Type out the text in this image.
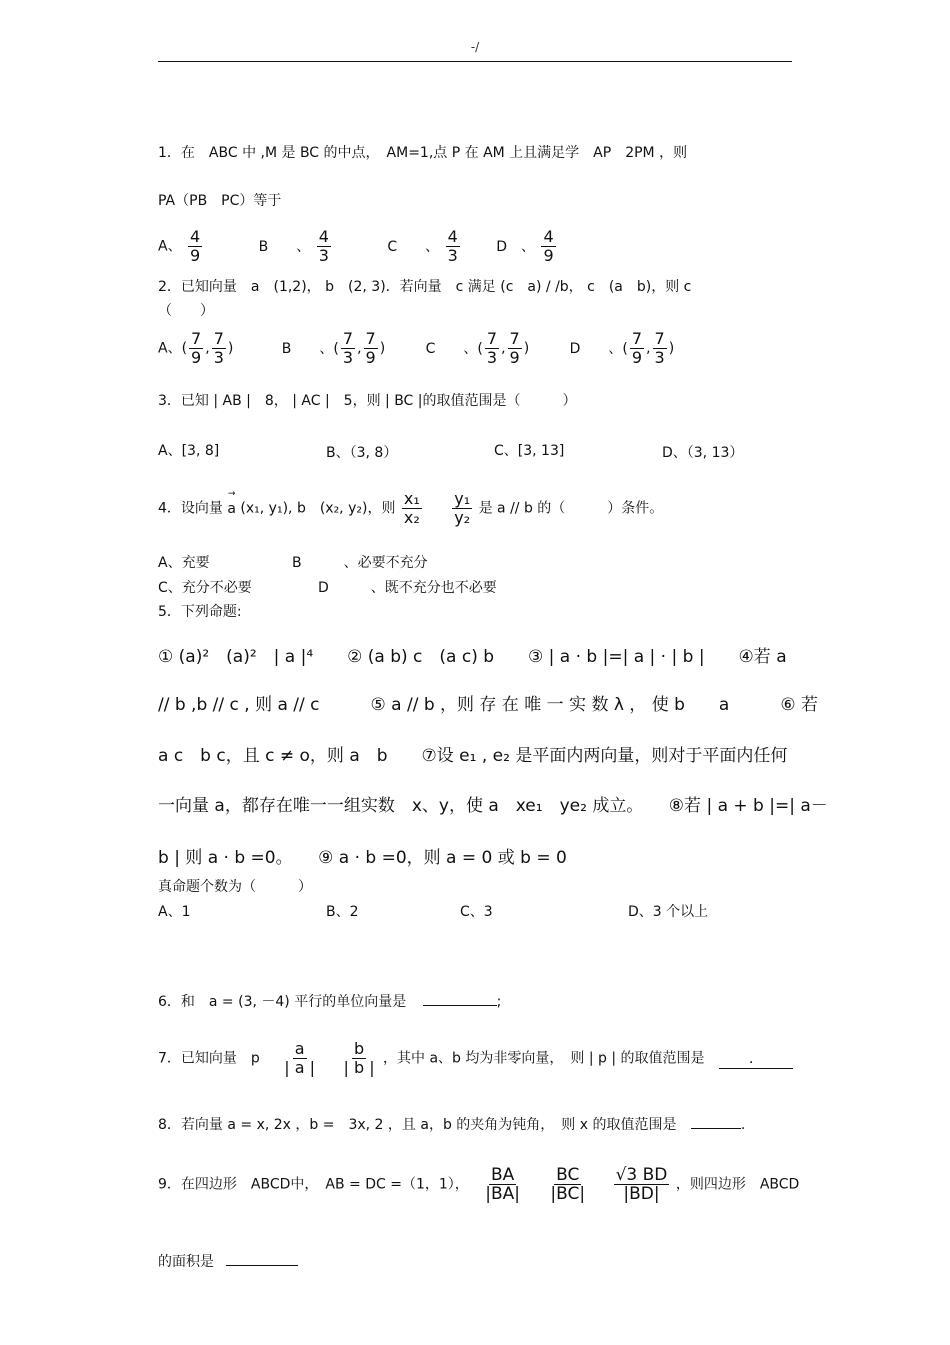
-/
1．在　ABC 中 ,M 是 BC 的中点，　AM=1,点 P 在 AM 上且满足学　AP　2PM ，则
PA（PB　PC）等于
A、 $\frac{4}{9}$	B　　、 $\frac{4}{3}$	C　　、 $\frac{4}{3}$	D　、 $\frac{4}{9}$
2．已知向量　a　(1,2)， b　(2, 3)．若向量　c 满足 (c　a) / /b， c　(a　b)，则 c
（　　）
A、( $\frac{7}{9}$ , $\frac{7}{3}$ )	B　　、( $\frac{7}{3}$ , $\frac{7}{9}$ )	C　　、( $\frac{7}{3}$ , $\frac{7}{9}$ )	D　　、( $\frac{7}{9}$ , $\frac{7}{3}$ )
3．已知 | AB |　8， | AC |　5，则 | BC |的取值范围是（　　　）
A、[3, 8]	B、（3, 8）	C、[3, 13]	D、（3, 13）
4．设向量 → a (x₁, y₁), b　(x₂, y₂)，则 $\frac{\text{x₁}}{\text{x₂}}$
$\frac{\text{y₁}}{\text{y₂}}$ 是 a // b 的（　　　）条件。
A、充要	B　　　、必要不充分
C、充分不必要	D　　　、既不充分也不必要
5．下列命题:
① (a)²　(a)²　| a |⁴　　② (a b) c　(a c) b　　③ | a · b |=| a | · | b |　　④若 a
// b ,b // c , 则 a // c　　　⑤ a // b ，则 存 在 唯 一 实 数 λ ， 使 b　　a　　　⑥ 若
a c　b c，且 c ≠ o，则 a　b　　⑦设 e₁ , e₂ 是平面内两向量，则对于平面内任何
一向量 a，都存在唯一一组实数　x、y，使 a　xe₁　ye₂ 成立。　　⑧若 | a + b |=| a－
b | 则 a · b =0。　　⑨ a · b =0，则 a = 0 或 b = 0
真命题个数为（　　　）
A、1	B、2	C、3	D、3 个以上
6．和　a = (3, －4) 平行的单位向量是	;
7．已知向量　p $\frac{a}{| a |}$
$\frac{b}{| b |}$ ，其中 a、b 均为非零向量，　则 | p | 的取值范围是	．
8．若向量 a = x, 2x ，b =　3x, 2 ，且 a，b 的夹角为钝角，　则 x 的取值范围是	.
9．在四边形　ABCD中，　AB = DC =（1，1）， $\frac{BA}{|BA|}$
$\frac{BC}{|BC|}$
$\frac{√3 BD}{|BD|}$ ，则四边形　ABCD
的面积是
